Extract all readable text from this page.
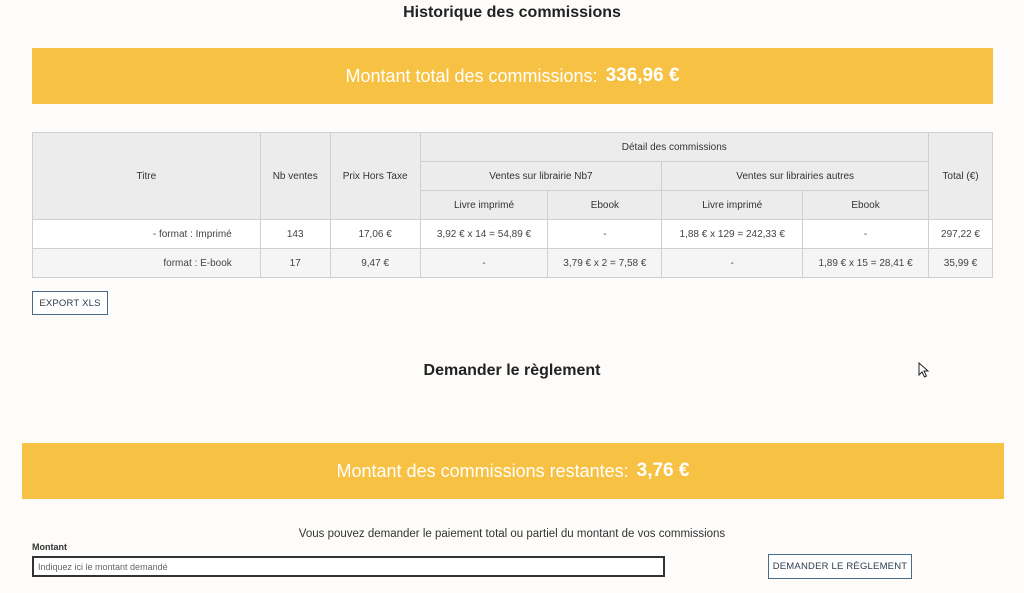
Historique des commissions
Montant total des commissions: 336,96 €
Titre	Nb ventes	Prix Hors Taxe	Détail des commissions				Total (€)
			Ventes sur librairie Nb7		Ventes sur librairies autres		
			Livre imprimé	Ebook	Livre imprimé	Ebook	
- format : Imprimé	143	17,06 €	3,92 € x 14 = 54,89 €	-	1,88 € x 129 = 242,33 €	-	297,22 €
format : E-book	17	9,47 €	-	3,79 € x 2 = 7,58 €	-	1,89 € x 15 = 28,41 €	35,99 €
EXPORT XLS
Demander le règlement
Montant des commissions restantes: 3,76 €
Vous pouvez demander le paiement total ou partiel du montant de vos commissions
Montant
Indiquez ici le montant demandé
DEMANDER LE RÈGLEMENT
